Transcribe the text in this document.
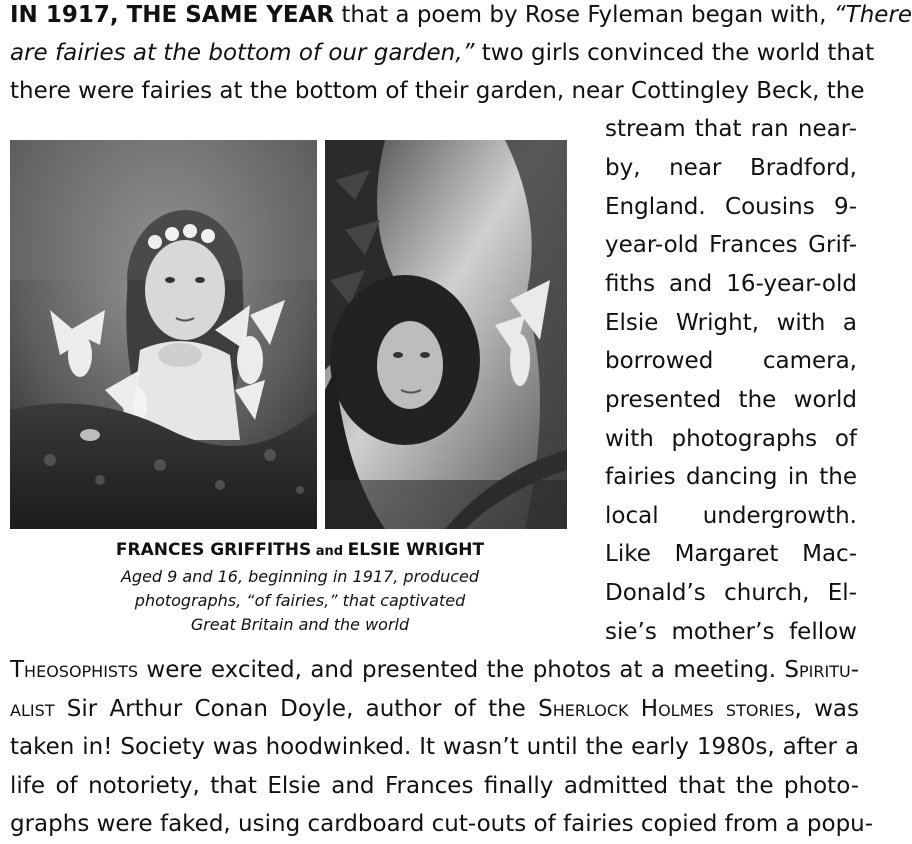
IN 1917, THE SAME YEAR that a poem by Rose Fyleman began with, “There
are fairies at the bottom of our garden,” two girls convinced the world that
there were fairies at the bottom of their garden, near Cottingley Beck, the
stream that ran near-
by, near Bradford,
England. Cousins 9-
year-old Frances Grif-
fiths and 16-year-old
Elsie Wright, with a
borrowed camera,
presented the world
with photographs of
fairies dancing in the
local undergrowth.
Like Margaret Mac-
Donald’s church, El-
sie’s mother’s fellow
FRANCES GRIFFITHS and ELSIE WRIGHT
Aged 9 and 16, beginning in 1917, produced
photographs, “of fairies,” that captivated
Great Britain and the world
Theosophists were excited, and presented the photos at a meeting. Spiritu-
alist Sir Arthur Conan Doyle, author of the Sherlock Holmes stories, was
taken in! Society was hoodwinked. It wasn’t until the early 1980s, after a
life of notoriety, that Elsie and Frances finally admitted that the photo-
graphs were faked, using cardboard cut-outs of fairies copied from a popu-
